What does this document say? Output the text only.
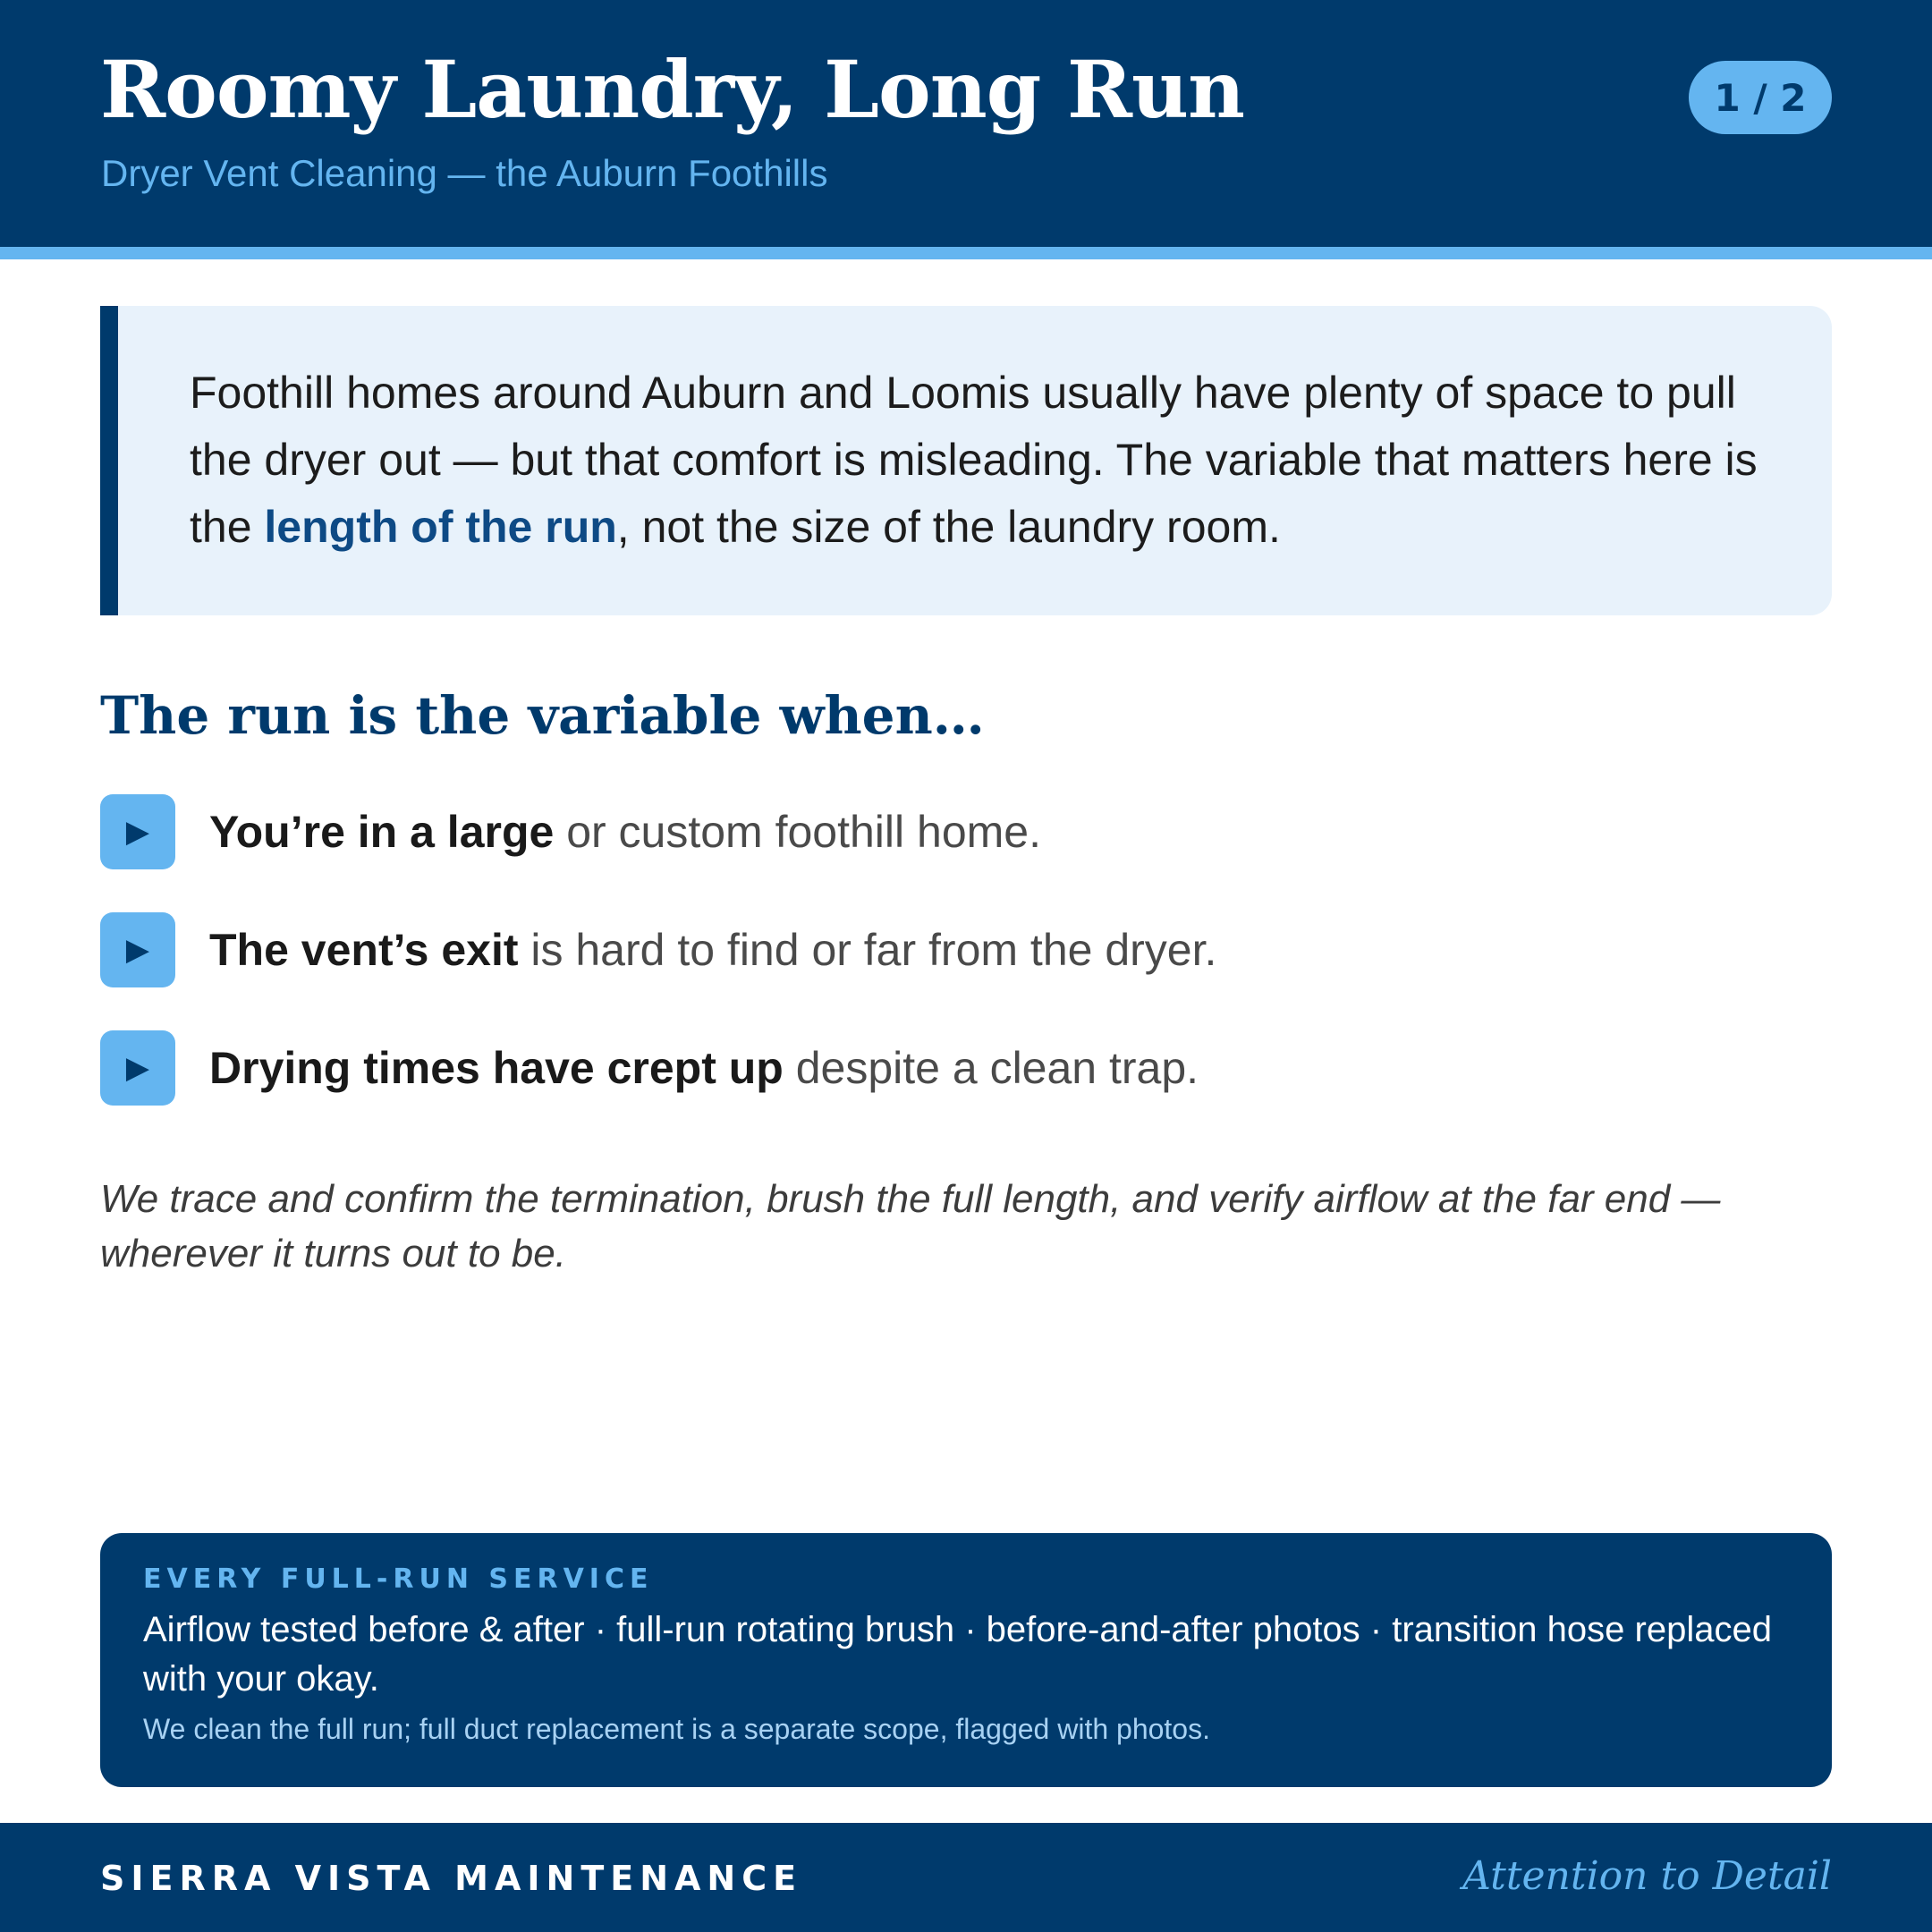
Roomy Laundry, Long Run
Dryer Vent Cleaning — the Auburn Foothills
1 / 2

Foothill homes around Auburn and Loomis usually have plenty of space to pull the dryer out — but that comfort is misleading. The variable that matters here is the length of the run, not the size of the laundry room.

The run is the variable when…
▶	You’re in a large or custom foothill home.
▶	The vent’s exit is hard to find or far from the dryer.
▶	Drying times have crept up despite a clean trap.

We trace and confirm the termination, brush the full length, and verify airflow at the far end — wherever it turns out to be.

EVERY FULL-RUN SERVICE
Airflow tested before & after · full-run rotating brush · before-and-after photos · transition hose replaced with your okay.
We clean the full run; full duct replacement is a separate scope, flagged with photos.
SIERRA VISTA MAINTENANCE	Attention to Detail
